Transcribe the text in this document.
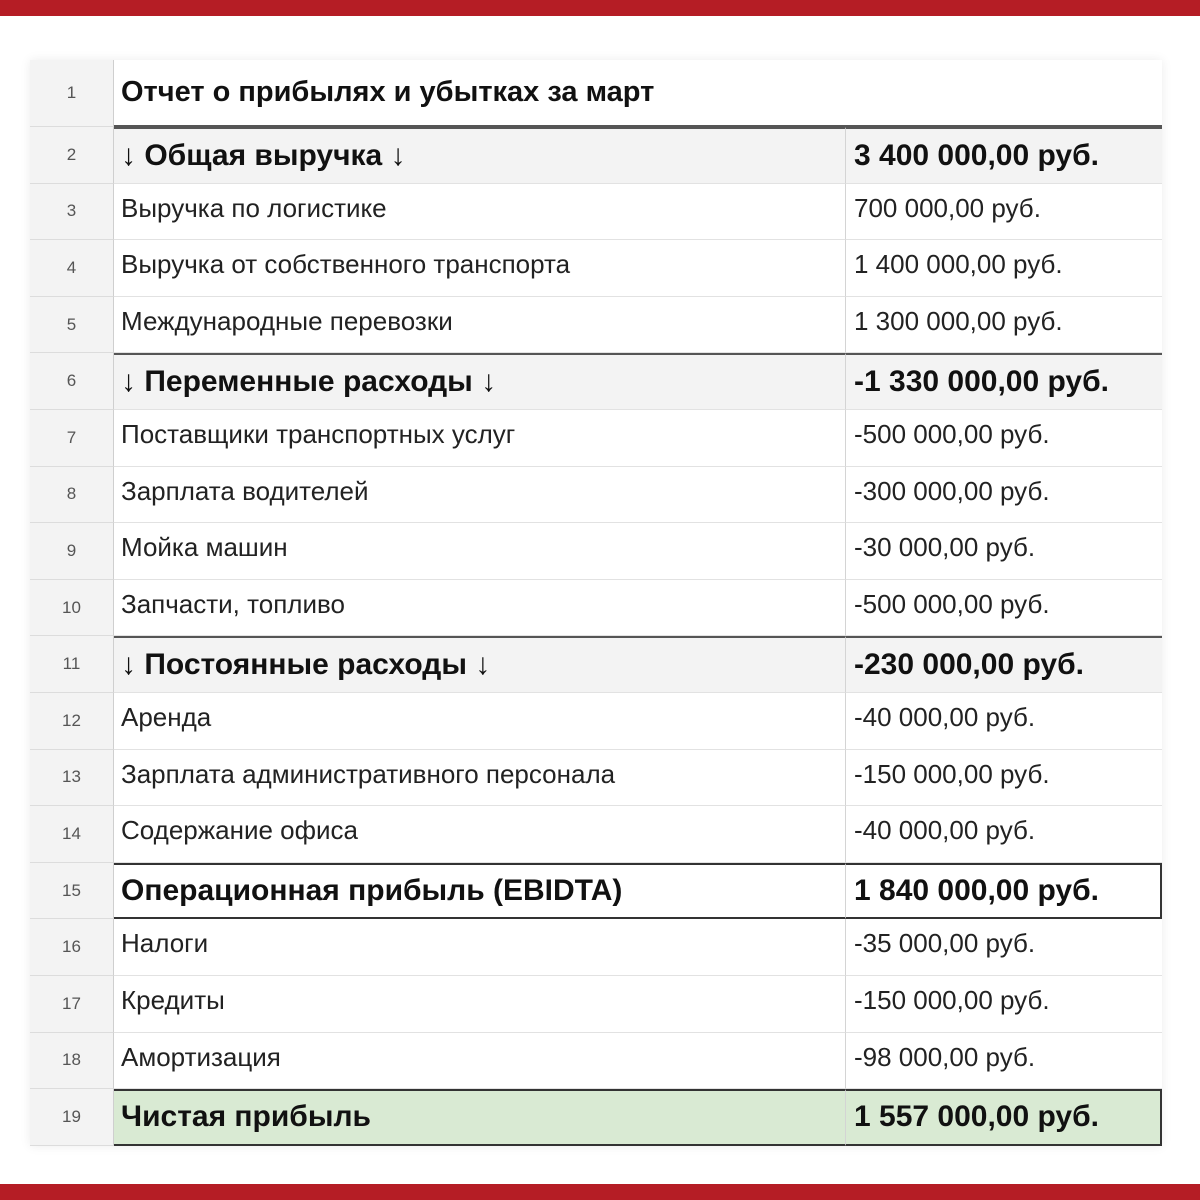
1	Отчет о прибылях и убытках за март
2	↓ Общая выручка ↓	3 400 000,00 руб.
3	Выручка по логистике	700 000,00 руб.
4	Выручка от собственного транспорта	1 400 000,00 руб.
5	Международные перевозки	1 300 000,00 руб.
6	↓ Переменные расходы ↓	-1 330 000,00 руб.
7	Поставщики транспортных услуг	-500 000,00 руб.
8	Зарплата водителей	-300 000,00 руб.
9	Мойка машин	-30 000,00 руб.
10	Запчасти, топливо	-500 000,00 руб.
11	↓ Постоянные расходы ↓	-230 000,00 руб.
12	Аренда	-40 000,00 руб.
13	Зарплата административного персонала	-150 000,00 руб.
14	Содержание офиса	-40 000,00 руб.
15	Операционная прибыль (EBIDTA)	1 840 000,00 руб.
16	Налоги	-35 000,00 руб.
17	Кредиты	-150 000,00 руб.
18	Амортизация	-98 000,00 руб.
19	Чистая прибыль	1 557 000,00 руб.
